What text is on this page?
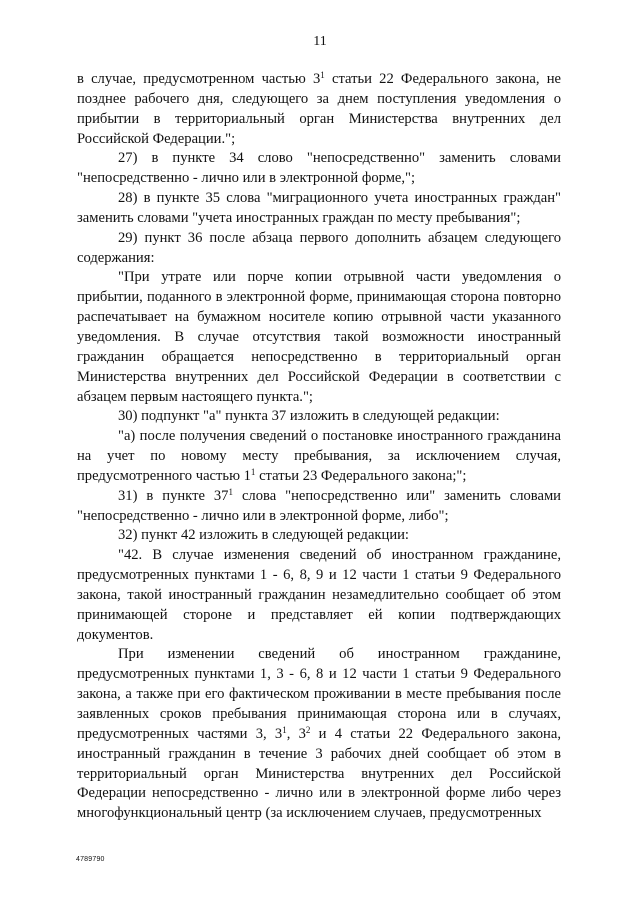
11

в случае, предусмотренном частью $3^1$ статьи 22 Федерального закона, не позднее рабочего дня, следующего за днем поступления уведомления о прибытии в территориальный орган Министерства внутренних дел Российской Федерации.";

27) в пункте 34 слово "непосредственно" заменить словами "непосредственно - лично или в электронной форме,";

28) в пункте 35 слова "миграционного учета иностранных граждан" заменить словами "учета иностранных граждан по месту пребывания";

29) пункт 36 после абзаца первого дополнить абзацем следующего содержания:

"При утрате или порче копии отрывной части уведомления о прибытии, поданного в электронной форме, принимающая сторона повторно распечатывает на бумажном носителе копию отрывной части указанного уведомления. В случае отсутствия такой возможности иностранный гражданин обращается непосредственно в территориальный орган Министерства внутренних дел Российской Федерации в соответствии с абзацем первым настоящего пункта.";

30) подпункт "а" пункта 37 изложить в следующей редакции:

"а) после получения сведений о постановке иностранного гражданина на учет по новому месту пребывания, за исключением случая, предусмотренного частью $1^1$ статьи 23 Федерального закона;";

31) в пункте $37^1$ слова "непосредственно или" заменить словами "непосредственно - лично или в электронной форме, либо";

32) пункт 42 изложить в следующей редакции:

"42. В случае изменения сведений об иностранном гражданине, предусмотренных пунктами 1 - 6, 8, 9 и 12 части 1 статьи 9 Федерального закона, такой иностранный гражданин незамедлительно сообщает об этом принимающей стороне и представляет ей копии подтверждающих документов.

При изменении сведений об иностранном гражданине, предусмотренных пунктами 1, 3 - 6, 8 и 12 части 1 статьи 9 Федерального закона, а также при его фактическом проживании в месте пребывания после заявленных сроков пребывания принимающая сторона или в случаях, предусмотренных частями 3, $3^1$, $3^2$ и 4 статьи 22 Федерального закона, иностранный гражданин в течение 3 рабочих дней сообщает об этом в территориальный орган Министерства внутренних дел Российской Федерации непосредственно - лично или в электронной форме либо через многофункциональный центр (за исключением случаев, предусмотренных

4789790
